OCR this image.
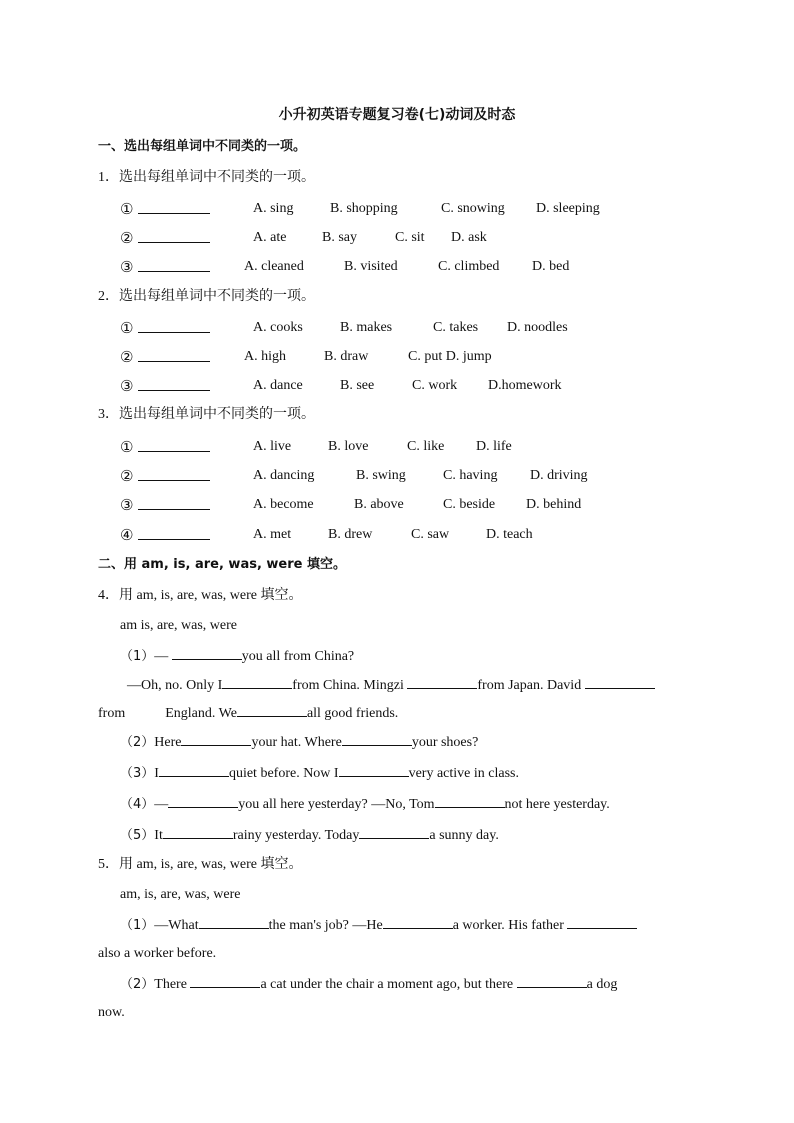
小升初英语专题复习卷(七)动词及时态
一、选出每组单词中不同类的一项。
1．选出每组单词中不同类的一项。
①	A. sing	B. shopping	C. snowing D. sleeping
②	A. ate	B. say	C. sit D. ask
③	A. cleaned	B. visited	C. climbed D. bed
2．选出每组单词中不同类的一项。
①	A. cooks	B. makes	C. takes D. noodles
②	A. high	B. draw	C. put D. jump
③	A. dance	B. see	C. work D.homework
3．选出每组单词中不同类的一项。
①	A. live	B. love	C. like D. life
②	A. dancing	B. swing	C. having D. driving
③	A. become	B. above	C. beside D. behind
④	A. met	B. drew	C. saw	D. teach
二、用 am, is, are, was, were 填空。
4．用 am, is, are, was, were 填空。
am is, are, was, were
（1）—	you all from China?
—Oh, no. Only I	from China. Mingzi	from Japan. David
from	England. We	all good friends.
（2）Here	your hat. Where	your shoes?
（3）I	quiet before. Now I	very active in class.
（4）—	you all here yesterday? —No, Tom	not here yesterday.
（5）It	rainy yesterday. Today	a sunny day.
5．用 am, is, are, was, were 填空。
am, is, are, was, were
（1）—What	the man's job? —He	a worker. His father
also a worker before.
（2）There	a cat under the chair a moment ago, but there	a dog
now.
